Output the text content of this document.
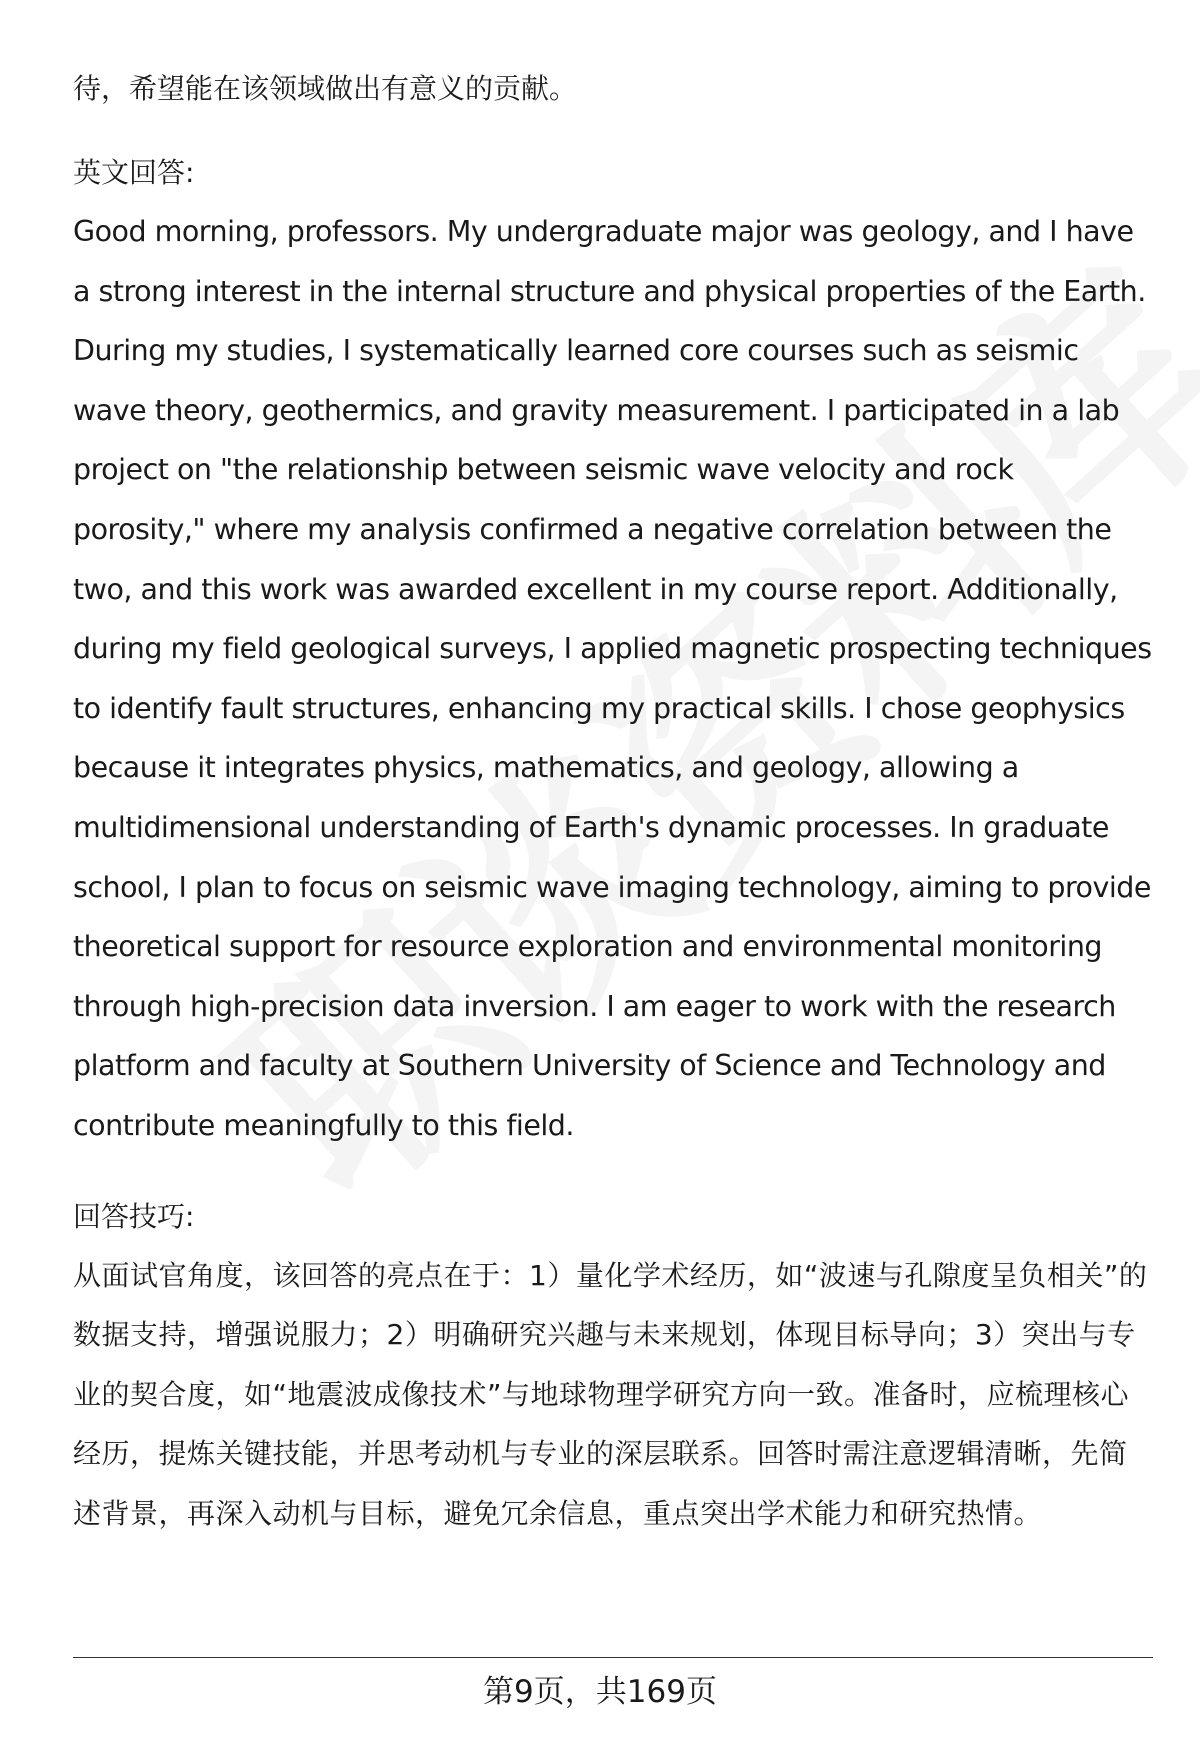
待，希望能在该领域做出有意义的贡献。

英文回答:

Good morning, professors. My undergraduate major was geology, and I have a strong interest in the internal structure and physical properties of the Earth. During my studies, I systematically learned core courses such as seismic wave theory, geothermics, and gravity measurement. I participated in a lab project on "the relationship between seismic wave velocity and rock porosity," where my analysis confirmed a negative correlation between the two, and this work was awarded excellent in my course report. Additionally, during my field geological surveys, I applied magnetic prospecting techniques to identify fault structures, enhancing my practical skills. I chose geophysics because it integrates physics, mathematics, and geology, allowing a multidimensional understanding of Earth's dynamic processes. In graduate school, I plan to focus on seismic wave imaging technology, aiming to provide theoretical support for resource exploration and environmental monitoring through high-precision data inversion. I am eager to work with the research platform and faculty at Southern University of Science and Technology and contribute meaningfully to this field.

回答技巧:

从面试官角度，该回答的亮点在于：1）量化学术经历，如“波速与孔隙度呈负相关”的数据支持，增强说服力；2）明确研究兴趣与未来规划，体现目标导向；3）突出与专业的契合度，如“地震波成像技术”与地球物理学研究方向一致。准备时，应梳理核心经历，提炼关键技能，并思考动机与专业的深层联系。回答时需注意逻辑清晰，先简述背景，再深入动机与目标，避免冗余信息，重点突出学术能力和研究热情。

第9页，共169页
